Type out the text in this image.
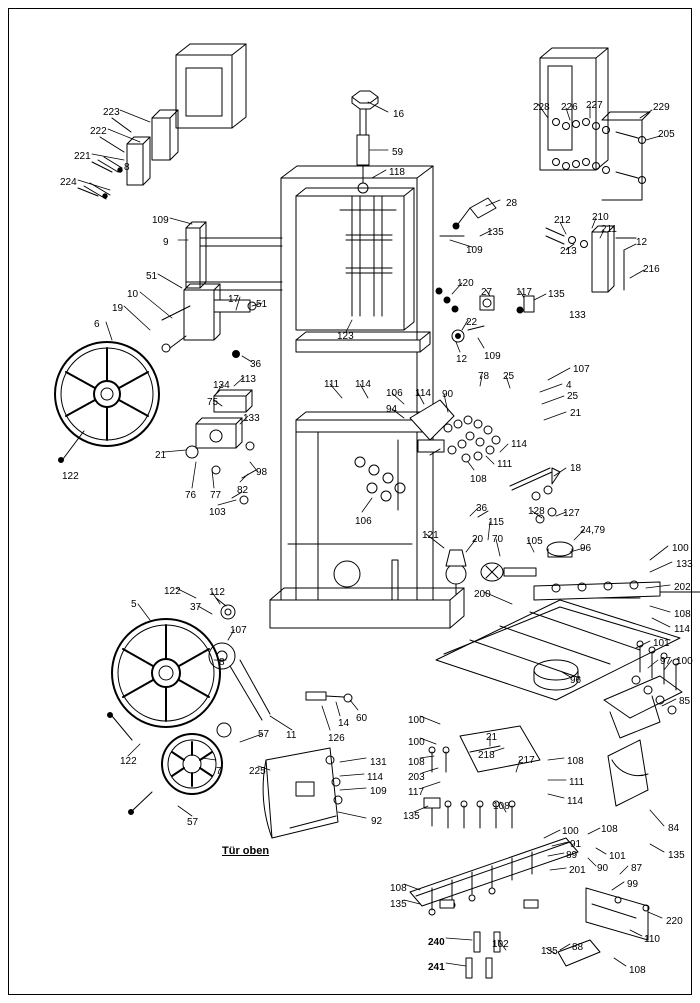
223
222
221
224
8
16
59
118
228 226 227	229
205
212 210
211
213
12
216
133
109
9
51
10
19
6
17 51
36
113
134
75
133
21
76 77 82
98
103
122
28
135
109
120
27 117 135
22
109
12
123
78 25
107
4
25
21
90
106 114
111 114
94
114
111
108
18
106
36
121
115
20 70 105
128 127
24,79
96	100
133
202
108
114
101
97 100
85
200
96
122	112
37
5
107
8
11	126
14 60
131
114
109
92
225
57
7
57
122
100
100
108
203
117
135
21
218 217
108
108
111
114
108	84
135
100
91
89
201
101
90 87
99
220
110
108
88
135
102
108
135
240
241
Tür oben
